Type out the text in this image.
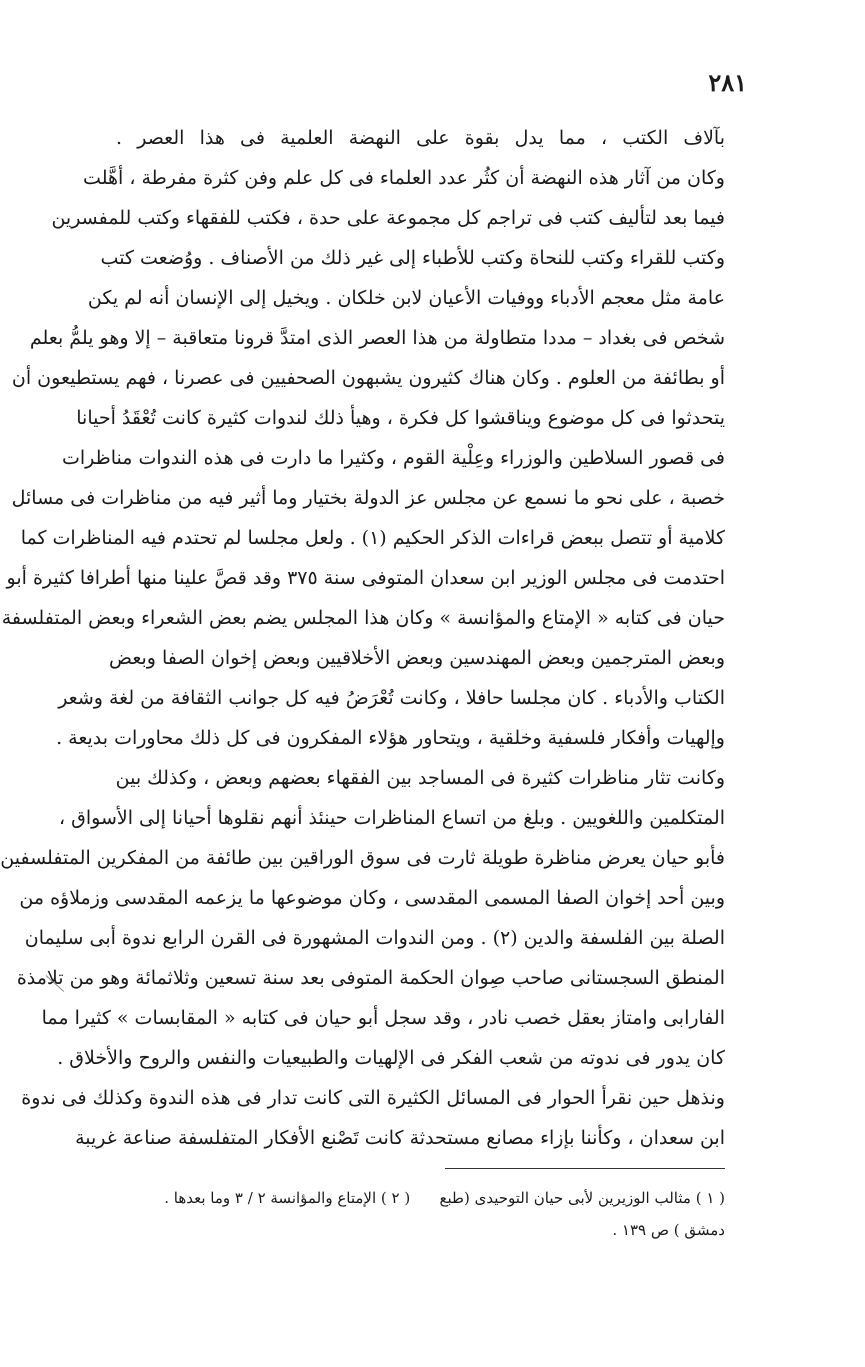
٢٨١
بآلاف الكتب ، مما يدل بقوة على النهضة العلمية فى هذا العصر .
وكان من آثار هذه النهضة أن كثُر عدد العلماء فى كل علم وفن كثرة مفرطة ، أهَّلت
فيما بعد لتأليف كتب فى تراجم كل مجموعة على حدة ، فكتب للفقهاء وكتب للمفسرين
وكتب للقراء وكتب للنحاة وكتب للأطباء إلى غير ذلك من الأصناف . ووُضعت كتب
عامة مثل معجم الأدباء ووفيات الأعيان لابن خلكان . ويخيل إلى الإنسان أنه لم يكن
شخص فى بغداد – مددا متطاولة من هذا العصر الذى امتدَّ قرونا متعاقبة – إلا وهو يلمُّ بعلم
أو بطائفة من العلوم . وكان هناك كثيرون يشبهون الصحفيين فى عصرنا ، فهم يستطيعون أن
يتحدثوا فى كل موضوع ويناقشوا كل فكرة ، وهيأ ذلك لندوات كثيرة كانت تُعْقَدُ أحيانا
فى قصور السلاطين والوزراء وعِلْية القوم ، وكثيرا ما دارت فى هذه الندوات مناظرات
خصبة ، على نحو ما نسمع عن مجلس عز الدولة بختيار وما أثير فيه من مناظرات فى مسائل
كلامية أو تتصل ببعض قراءات الذكر الحكيم (١) . ولعل مجلسا لم تحتدم فيه المناظرات كما
احتدمت فى مجلس الوزير ابن سعدان المتوفى سنة ٣٧٥ وقد قصَّ علينا منها أطرافا كثيرة أبو
حيان فى كتابه « الإمتاع والمؤانسة » وكان هذا المجلس يضم بعض الشعراء وبعض المتفلسفة
وبعض المترجمين وبعض المهندسين وبعض الأخلاقيين وبعض إخوان الصفا وبعض
الكتاب والأدباء . كان مجلسا حافلا ، وكانت تُعْرَضُ فيه كل جوانب الثقافة من لغة وشعر
وإلهيات وأفكار فلسفية وخلقية ، ويتحاور هؤلاء المفكرون فى كل ذلك محاورات بديعة .
وكانت تثار مناظرات كثيرة فى المساجد بين الفقهاء بعضهم وبعض ، وكذلك بين
المتكلمين واللغويين . وبلغ من اتساع المناظرات حينئذ أنهم نقلوها أحيانا إلى الأسواق ،
فأبو حيان يعرض مناظرة طويلة ثارت فى سوق الوراقين بين طائفة من المفكرين المتفلسفين
وبين أحد إخوان الصفا المسمى المقدسى ، وكان موضوعها ما يزعمه المقدسى وزملاؤه من
الصلة بين الفلسفة والدين (٢) . ومن الندوات المشهورة فى القرن الرابع ندوة أبى سليمان
المنطق السجستانى صاحب صِوان الحكمة المتوفى بعد سنة تسعين وثلاثمائة وهو من تلامذة
الفارابى وامتاز بعقل خصب نادر ، وقد سجل أبو حيان فى كتابه « المقابسات » كثيرا مما
كان يدور فى ندوته من شعب الفكر فى الإلهيات والطبيعيات والنفس والروح والأخلاق .
ونذهل حين نقرأ الحوار فى المسائل الكثيرة التى كانت تدار فى هذه الندوة وكذلك فى ندوة
ابن سعدان ، وكأننا بإزاء مصانع مستحدثة كانت تَصْنع الأفكار المتفلسفة صناعة غريبة
( ١ ) مثالب الوزيرين لأبى حيان التوحيدى (طبع ( ٢ ) الإمتاع والمؤانسة ٢ / ٣ وما بعدها .
دمشق ) ص ١٣٩ .
